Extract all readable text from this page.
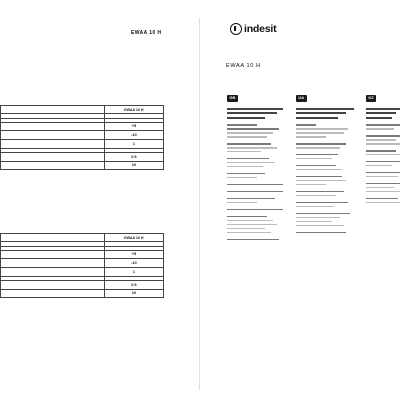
EWAA 10 H
	EWAA 10 H

	+5
	-10
	1

	0.5
	10
	EWAA 10 H

	+5
	-10
	1

	0.5
	10
indesit
EWAA 10 H
GB	UA	KZ
